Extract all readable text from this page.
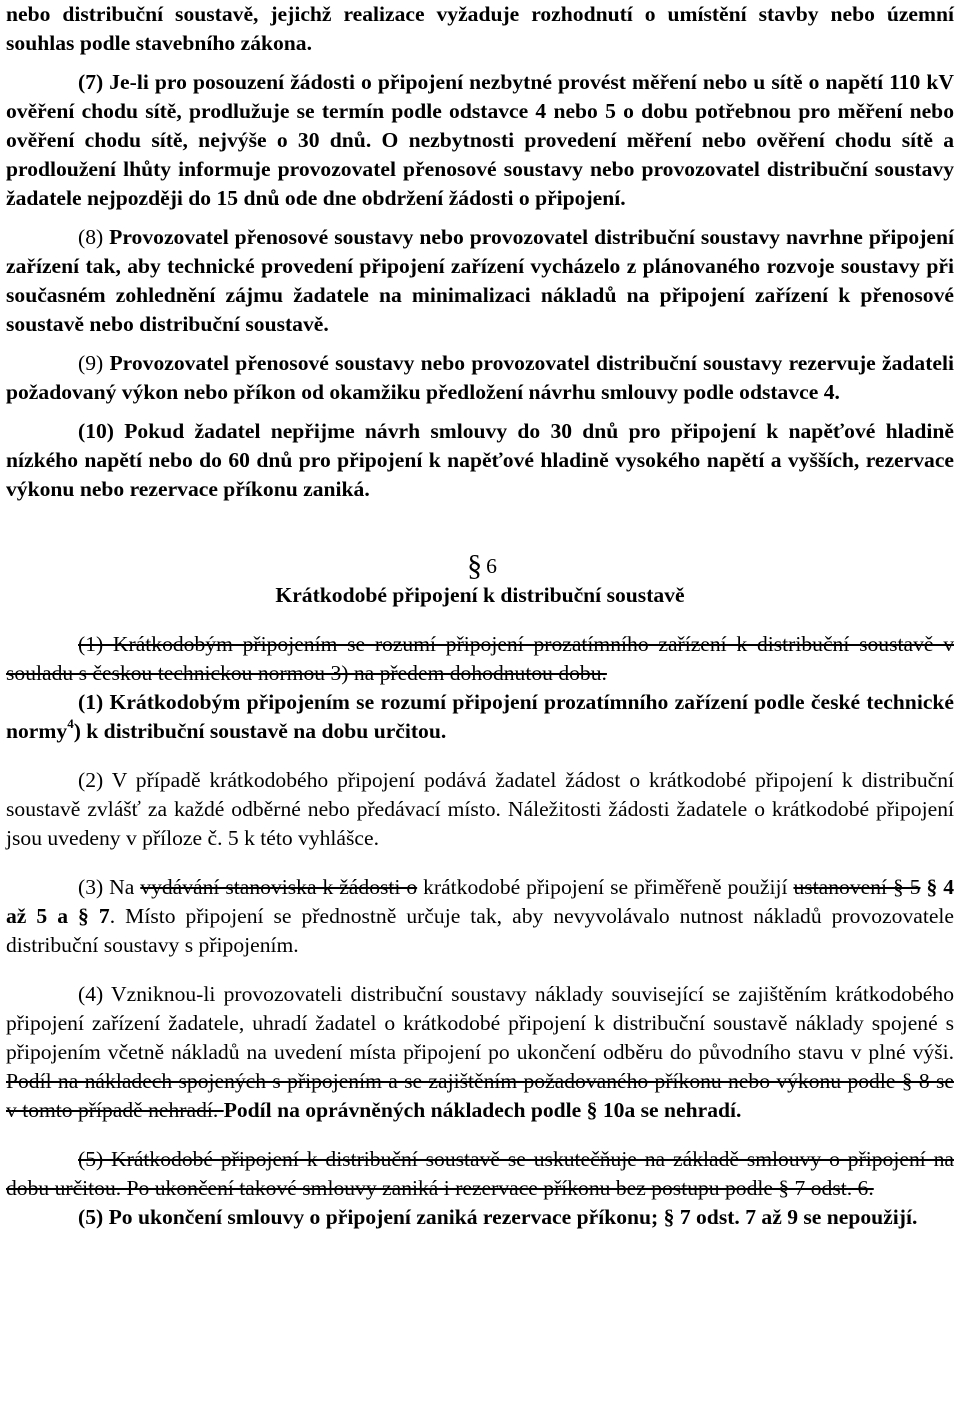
nebo distribuční soustavě, jejichž realizace vyžaduje rozhodnutí o umístění stavby nebo územní souhlas podle stavebního zákona.

(7) Je-li pro posouzení žádosti o připojení nezbytné provést měření nebo u sítě o napětí 110 kV ověření chodu sítě, prodlužuje se termín podle odstavce 4 nebo 5 o dobu potřebnou pro měření nebo ověření chodu sítě, nejvýše o 30 dnů. O nezbytnosti provedení měření nebo ověření chodu sítě a prodloužení lhůty informuje provozovatel přenosové soustavy nebo provozovatel distribuční soustavy žadatele nejpozději do 15 dnů ode dne obdržení žádosti o připojení.

(8) Provozovatel přenosové soustavy nebo provozovatel distribuční soustavy navrhne připojení zařízení tak, aby technické provedení připojení zařízení vycházelo z plánovaného rozvoje soustavy při současném zohlednění zájmu žadatele na minimalizaci nákladů na připojení zařízení k přenosové soustavě nebo distribuční soustavě.

(9) Provozovatel přenosové soustavy nebo provozovatel distribuční soustavy rezervuje žadateli požadovaný výkon nebo příkon od okamžiku předložení návrhu smlouvy podle odstavce 4.

(10) Pokud žadatel nepřijme návrh smlouvy do 30 dnů pro připojení k napěťové hladině nízkého napětí nebo do 60 dnů pro připojení k napěťové hladině vysokého napětí a vyšších, rezervace výkonu nebo rezervace příkonu zaniká.

§ 6

Krátkodobé připojení k distribuční soustavě

(1) Krátkodobým připojením se rozumí připojení prozatímního zařízení k distribuční soustavě v souladu s českou technickou normou 3) na předem dohodnutou dobu.

(1) Krátkodobým připojením se rozumí připojení prozatímního zařízení podle české technické normy$^4$) k distribuční soustavě na dobu určitou.

(2) V případě krátkodobého připojení podává žadatel žádost o krátkodobé připojení k distribuční soustavě zvlášť za každé odběrné nebo předávací místo. Náležitosti žádosti žadatele o krátkodobé připojení jsou uvedeny v příloze č. 5 k této vyhlášce.

(3) Na vydávání stanoviska k žádosti o krátkodobé připojení se přiměřeně použijí ustanovení § 5 § 4 až 5 a § 7. Místo připojení se přednostně určuje tak, aby nevyvolávalo nutnost nákladů provozovatele distribuční soustavy s připojením.

(4) Vzniknou-li provozovateli distribuční soustavy náklady související se zajištěním krátkodobého připojení zařízení žadatele, uhradí žadatel o krátkodobé připojení k distribuční soustavě náklady spojené s připojením včetně nákladů na uvedení místa připojení po ukončení odběru do původního stavu v plné výši. Podíl na nákladech spojených s připojením a se zajištěním požadovaného příkonu nebo výkonu podle § 8 se v tomto případě nehradí. Podíl na oprávněných nákladech podle § 10a se nehradí.

(5) Krátkodobé připojení k distribuční soustavě se uskutečňuje na základě smlouvy o připojení na dobu určitou. Po ukončení takové smlouvy zaniká i rezervace příkonu bez postupu podle § 7 odst. 6.

(5) Po ukončení smlouvy o připojení zaniká rezervace příkonu; § 7 odst. 7 až 9 se nepoužijí.
